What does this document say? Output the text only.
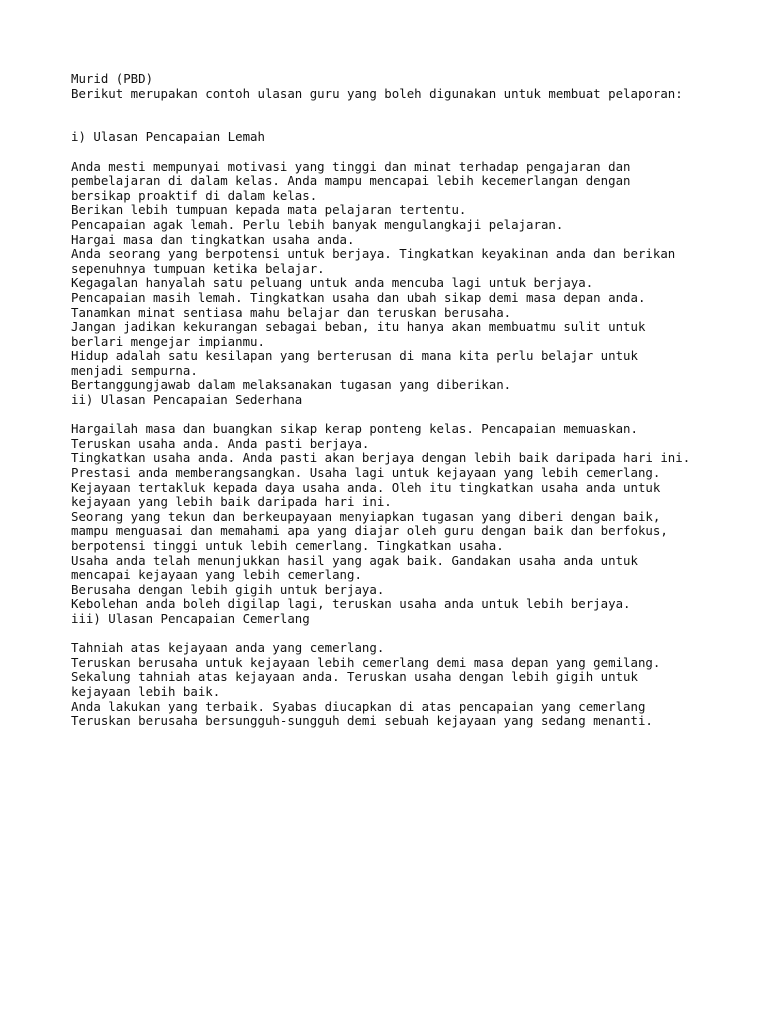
Murid (PBD)
Berikut merupakan contoh ulasan guru yang boleh digunakan untuk membuat pelaporan:
i) Ulasan Pencapaian Lemah
Anda mesti mempunyai motivasi yang tinggi dan minat terhadap pengajaran dan
pembelajaran di dalam kelas. Anda mampu mencapai lebih kecemerlangan dengan
bersikap proaktif di dalam kelas.
Berikan lebih tumpuan kepada mata pelajaran tertentu.
Pencapaian agak lemah. Perlu lebih banyak mengulangkaji pelajaran.
Hargai masa dan tingkatkan usaha anda.
Anda seorang yang berpotensi untuk berjaya. Tingkatkan keyakinan anda dan berikan
sepenuhnya tumpuan ketika belajar.
Kegagalan hanyalah satu peluang untuk anda mencuba lagi untuk berjaya.
Pencapaian masih lemah. Tingkatkan usaha dan ubah sikap demi masa depan anda.
Tanamkan minat sentiasa mahu belajar dan teruskan berusaha.
Jangan jadikan kekurangan sebagai beban, itu hanya akan membuatmu sulit untuk
berlari mengejar impianmu.
Hidup adalah satu kesilapan yang berterusan di mana kita perlu belajar untuk
menjadi sempurna.
Bertanggungjawab dalam melaksanakan tugasan yang diberikan.
ii) Ulasan Pencapaian Sederhana
Hargailah masa dan buangkan sikap kerap ponteng kelas. Pencapaian memuaskan.
Teruskan usaha anda. Anda pasti berjaya.
Tingkatkan usaha anda. Anda pasti akan berjaya dengan lebih baik daripada hari ini.
Prestasi anda memberangsangkan. Usaha lagi untuk kejayaan yang lebih cemerlang.
Kejayaan tertakluk kepada daya usaha anda. Oleh itu tingkatkan usaha anda untuk
kejayaan yang lebih baik daripada hari ini.
Seorang yang tekun dan berkeupayaan menyiapkan tugasan yang diberi dengan baik,
mampu menguasai dan memahami apa yang diajar oleh guru dengan baik dan berfokus,
berpotensi tinggi untuk lebih cemerlang. Tingkatkan usaha.
Usaha anda telah menunjukkan hasil yang agak baik. Gandakan usaha anda untuk
mencapai kejayaan yang lebih cemerlang.
Berusaha dengan lebih gigih untuk berjaya.
Kebolehan anda boleh digilap lagi, teruskan usaha anda untuk lebih berjaya.
iii) Ulasan Pencapaian Cemerlang
Tahniah atas kejayaan anda yang cemerlang.
Teruskan berusaha untuk kejayaan lebih cemerlang demi masa depan yang gemilang.
Sekalung tahniah atas kejayaan anda. Teruskan usaha dengan lebih gigih untuk
kejayaan lebih baik.
Anda lakukan yang terbaik. Syabas diucapkan di atas pencapaian yang cemerlang
Teruskan berusaha bersungguh-sungguh demi sebuah kejayaan yang sedang menanti.
